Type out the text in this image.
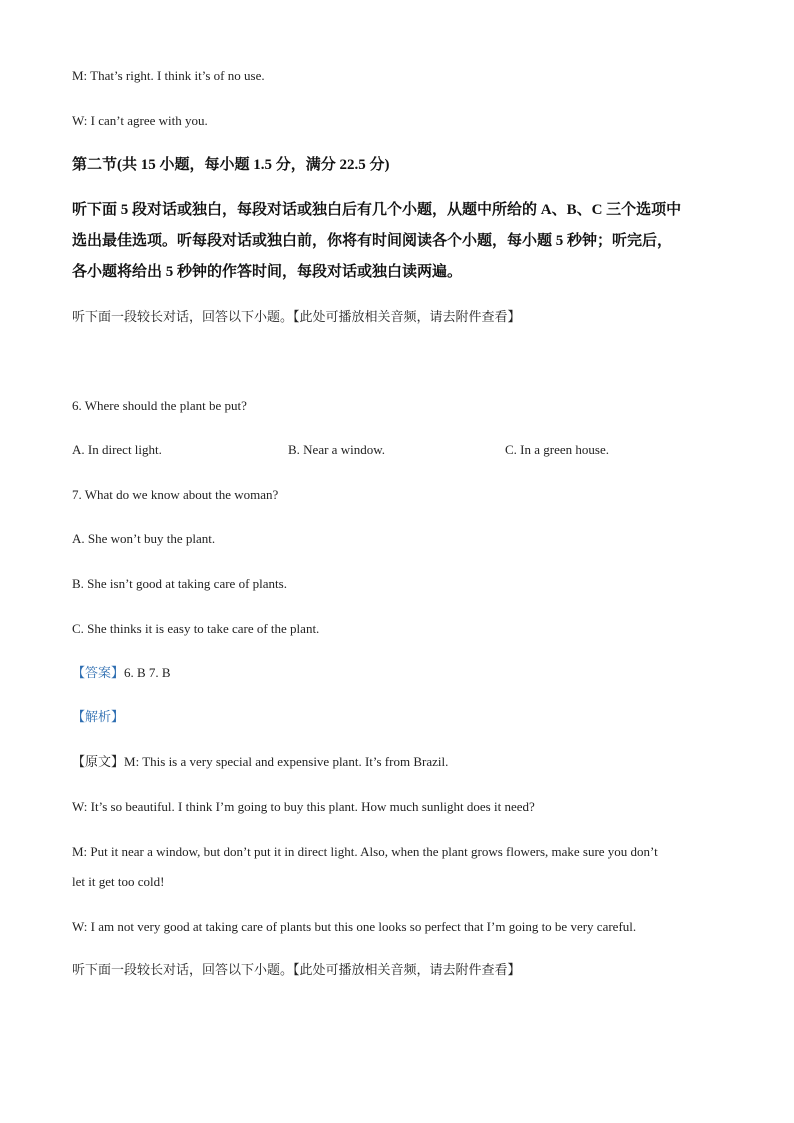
M: That’s right. I think it’s of no use.
W: I can’t agree with you.
第二节(共 15 小题，每小题 1.5 分，满分 22.5 分)
听下面 5 段对话或独白，每段对话或独白后有几个小题，从题中所给的 A、B、C 三个选项中
选出最佳选项。听每段对话或独白前，你将有时间阅读各个小题，每小题 5 秒钟；听完后，
各小题将给出 5 秒钟的作答时间，每段对话或独白读两遍。
听下面一段较长对话，回答以下小题。【此处可播放相关音频，请去附件查看】
6. Where should the plant be put?
A. In direct light.	B. Near a window.	C. In a green house.
7. What do we know about the woman?
A. She won’t buy the plant.
B. She isn’t good at taking care of plants.
C. She thinks it is easy to take care of the plant.
【答案】6. B 7. B
【解析】
【原文】M: This is a very special and expensive plant. It’s from Brazil.
W: It’s so beautiful. I think I’m going to buy this plant. How much sunlight does it need?
M: Put it near a window, but don’t put it in direct light. Also, when the plant grows flowers, make sure you don’t
let it get too cold!
W: I am not very good at taking care of plants but this one looks so perfect that I’m going to be very careful.
听下面一段较长对话，回答以下小题。【此处可播放相关音频，请去附件查看】
